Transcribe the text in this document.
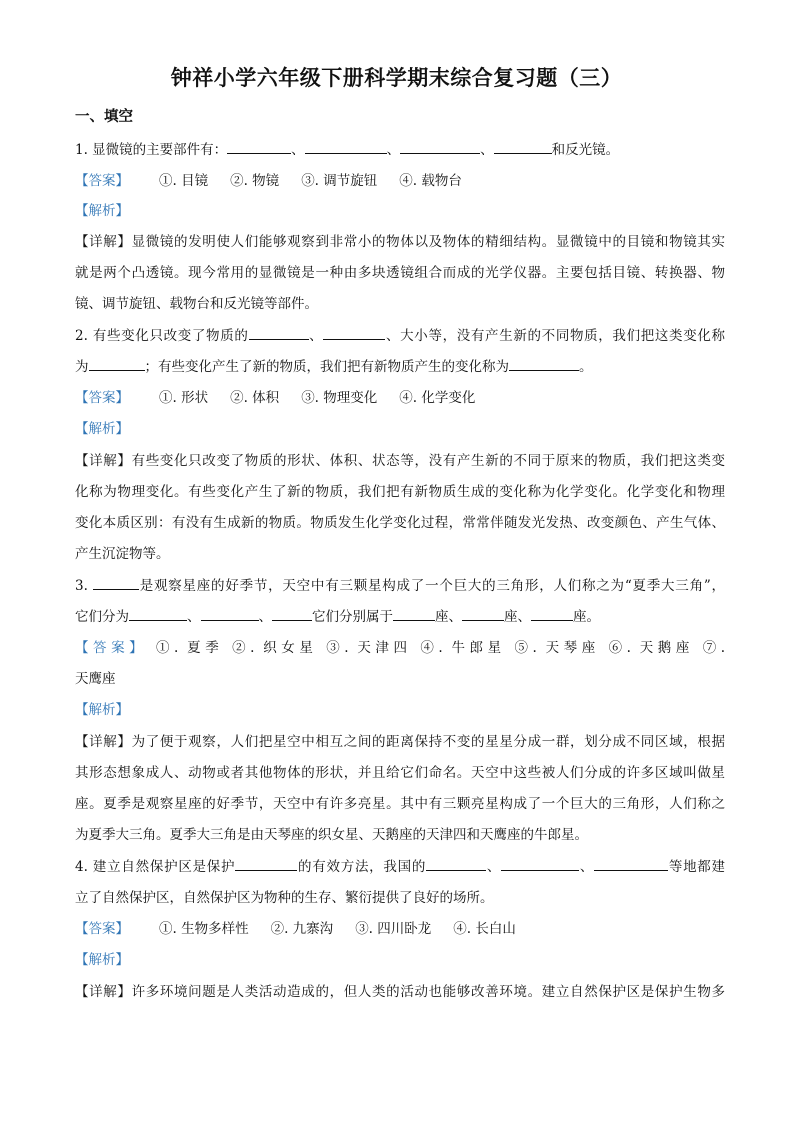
钟祥小学六年级下册科学期末综合复习题（三）
一、填空
1. 显微镜的主要部件有：	、	、	、	和反光镜。
【答案】 ①. 目镜 ②. 物镜 ③. 调节旋钮 ④. 载物台
【解析】
【详解】显微镜的发明使人们能够观察到非常小的物体以及物体的精细结构。显微镜中的目镜和物镜其实
就是两个凸透镜。现今常用的显微镜是一种由多块透镜组合而成的光学仪器。主要包括目镜、转换器、物
镜、调节旋钮、载物台和反光镜等部件。
2. 有些变化只改变了物质的	、	、大小等，没有产生新的不同物质，我们把这类变化称
为	；有些变化产生了新的物质，我们把有新物质产生的变化称为	。
【答案】 ①. 形状 ②. 体积 ③. 物理变化 ④. 化学变化
【解析】
【详解】有些变化只改变了物质的形状、体积、状态等，没有产生新的不同于原来的物质，我们把这类变
化称为物理变化。有些变化产生了新的物质，我们把有新物质生成的变化称为化学变化。化学变化和物理
变化本质区别：有没有生成新的物质。物质发生化学变化过程，常常伴随发光发热、改变颜色、产生气体、
产生沉淀物等。
3.	是观察星座的好季节，天空中有三颗星构成了一个巨大的三角形，人们称之为“夏季大三角”，
它们分为	、	、	它们分别属于	座、	座、	座。
【答案】 ①. 夏季 ②. 织女星 ③. 天津四 ④. 牛郎星 ⑤. 天琴座 ⑥. 天鹅座 ⑦.
天鹰座
【解析】
【详解】为了便于观察，人们把星空中相互之间的距离保持不变的星星分成一群，划分成不同区域，根据
其形态想象成人、动物或者其他物体的形状，并且给它们命名。天空中这些被人们分成的许多区域叫做星
座。夏季是观察星座的好季节，天空中有许多亮星。其中有三颗亮星构成了一个巨大的三角形，人们称之
为夏季大三角。夏季大三角是由天琴座的织女星、天鹅座的天津四和天鹰座的牛郎星。
4. 建立自然保护区是保护	的有效方法，我国的	、	、	等地都建
立了自然保护区，自然保护区为物种的生存、繁衍提供了良好的场所。
【答案】 ①. 生物多样性 ②. 九寨沟 ③. 四川卧龙 ④. 长白山
【解析】
【详解】许多环境问题是人类活动造成的，但人类的活动也能够改善环境。建立自然保护区是保护生物多
